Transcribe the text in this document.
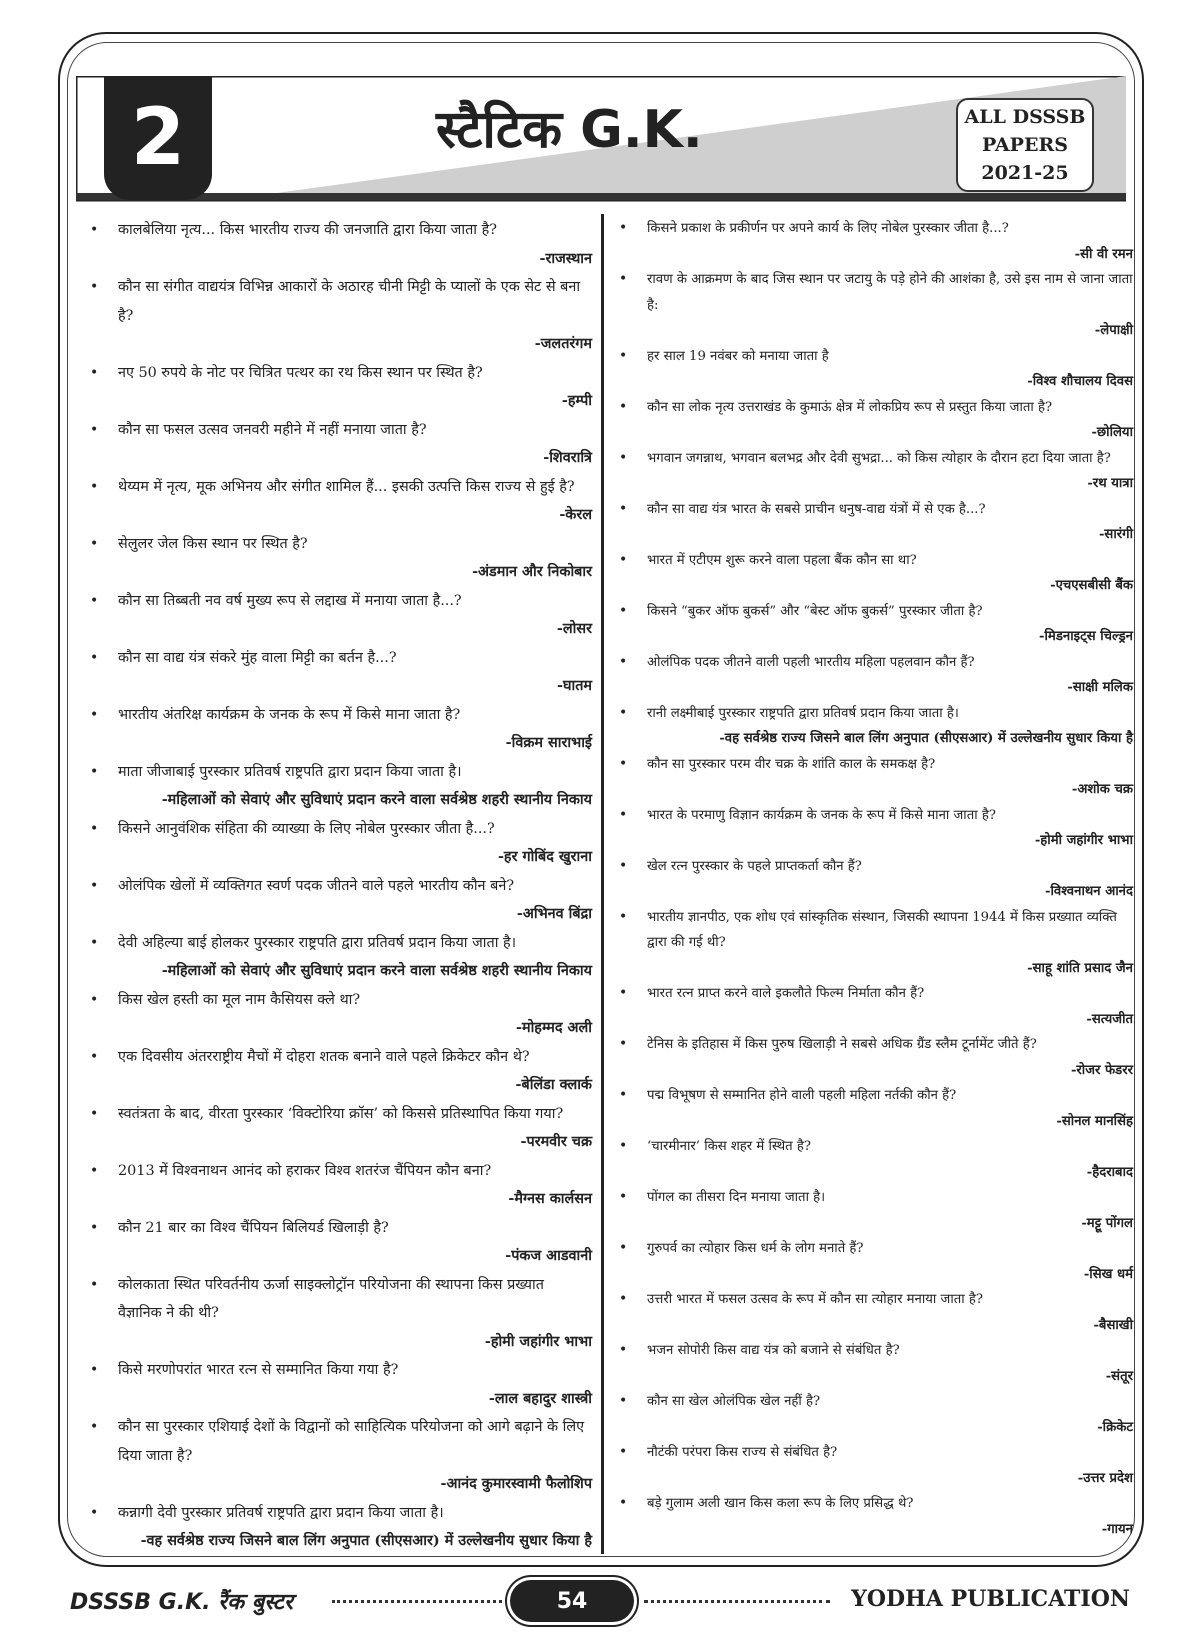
2	स्टैटिक G.K.	ALL DSSSB
PAPERS
2021-25
• कालबेलिया नृत्य... किस भारतीय राज्य की जनजाति द्वारा किया जाता है?
-राजस्थान
• कौन सा संगीत वाद्ययंत्र विभिन्न आकारों के अठारह चीनी मिट्टी के प्यालों के एक सेट से बना है?
-जलतरंगम
• नए 50 रुपये के नोट पर चित्रित पत्थर का रथ किस स्थान पर स्थित है?
-हम्पी
• कौन सा फसल उत्सव जनवरी महीने में नहीं मनाया जाता है?
-शिवरात्रि
• थेय्यम में नृत्य, मूक अभिनय और संगीत शामिल हैं... इसकी उत्पत्ति किस राज्य से हुई है?
-केरल
• सेलुलर जेल किस स्थान पर स्थित है?
-अंडमान और निकोबार
• कौन सा तिब्बती नव वर्ष मुख्य रूप से लद्दाख में मनाया जाता है...?
-लोसर
• कौन सा वाद्य यंत्र संकरे मुंह वाला मिट्टी का बर्तन है...?
-घातम
• भारतीय अंतरिक्ष कार्यक्रम के जनक के रूप में किसे माना जाता है?
-विक्रम साराभाई
• माता जीजाबाई पुरस्कार प्रतिवर्ष राष्ट्रपति द्वारा प्रदान किया जाता है।
-महिलाओं को सेवाएं और सुविधाएं प्रदान करने वाला सर्वश्रेष्ठ शहरी स्थानीय निकाय
• किसने आनुवंशिक संहिता की व्याख्या के लिए नोबेल पुरस्कार जीता है...?
-हर गोबिंद खुराना
• ओलंपिक खेलों में व्यक्तिगत स्वर्ण पदक जीतने वाले पहले भारतीय कौन बने?
-अभिनव बिंद्रा
• देवी अहिल्या बाई होलकर पुरस्कार राष्ट्रपति द्वारा प्रतिवर्ष प्रदान किया जाता है।
-महिलाओं को सेवाएं और सुविधाएं प्रदान करने वाला सर्वश्रेष्ठ शहरी स्थानीय निकाय
• किस खेल हस्ती का मूल नाम कैसियस क्ले था?
-मोहम्मद अली
• एक दिवसीय अंतरराष्ट्रीय मैचों में दोहरा शतक बनाने वाले पहले क्रिकेटर कौन थे?
-बेलिंडा क्लार्क
• स्वतंत्रता के बाद, वीरता पुरस्कार ‘विक्टोरिया क्रॉस’ को किससे प्रतिस्थापित किया गया?
-परमवीर चक्र
• 2013 में विश्वनाथन आनंद को हराकर विश्व शतरंज चैंपियन कौन बना?
-मैग्नस कार्लसन
• कौन 21 बार का विश्व चैंपियन बिलियर्ड खिलाड़ी है?
-पंकज आडवानी
• कोलकाता स्थित परिवर्तनीय ऊर्जा साइक्लोट्रॉन परियोजना की स्थापना किस प्रख्यात वैज्ञानिक ने की थी?
-होमी जहांगीर भाभा
• किसे मरणोपरांत भारत रत्न से सम्मानित किया गया है?
-लाल बहादुर शास्त्री
• कौन सा पुरस्कार एशियाई देशों के विद्वानों को साहित्यिक परियोजना को आगे बढ़ाने के लिए दिया जाता है?
-आनंद कुमारस्वामी फैलोशिप
• कन्नागी देवी पुरस्कार प्रतिवर्ष राष्ट्रपति द्वारा प्रदान किया जाता है।
-वह सर्वश्रेष्ठ राज्य जिसने बाल लिंग अनुपात (सीएसआर) में उल्लेखनीय सुधार किया है
• किसने प्रकाश के प्रकीर्णन पर अपने कार्य के लिए नोबेल पुरस्कार जीता है...?
-सी वी रमन
• रावण के आक्रमण के बाद जिस स्थान पर जटायु के पड़े होने की आशंका है, उसे इस नाम से जाना जाता है:
-लेपाक्षी
• हर साल 19 नवंबर को मनाया जाता है
-विश्व शौचालय दिवस
• कौन सा लोक नृत्य उत्तराखंड के कुमाऊं क्षेत्र में लोकप्रिय रूप से प्रस्तुत किया जाता है?
-छोलिया
• भगवान जगन्नाथ, भगवान बलभद्र और देवी सुभद्रा... को किस त्योहार के दौरान हटा दिया जाता है?
-रथ यात्रा
• कौन सा वाद्य यंत्र भारत के सबसे प्राचीन धनुष-वाद्य यंत्रों में से एक है...?
-सारंगी
• भारत में एटीएम शुरू करने वाला पहला बैंक कौन सा था?
-एचएसबीसी बैंक
• किसने “बुकर ऑफ बुकर्स” और “बेस्ट ऑफ बुकर्स” पुरस्कार जीता है?
-मिडनाइट्स चिल्ड्रन
• ओलंपिक पदक जीतने वाली पहली भारतीय महिला पहलवान कौन हैं?
-साक्षी मलिक
• रानी लक्ष्मीबाई पुरस्कार राष्ट्रपति द्वारा प्रतिवर्ष प्रदान किया जाता है।
-वह सर्वश्रेष्ठ राज्य जिसने बाल लिंग अनुपात (सीएसआर) में उल्लेखनीय सुधार किया है
• कौन सा पुरस्कार परम वीर चक्र के शांति काल के समकक्ष है?
-अशोक चक्र
• भारत के परमाणु विज्ञान कार्यक्रम के जनक के रूप में किसे माना जाता है?
-होमी जहांगीर भाभा
• खेल रत्न पुरस्कार के पहले प्राप्तकर्ता कौन हैं?
-विश्वनाथन आनंद
• भारतीय ज्ञानपीठ, एक शोध एवं सांस्कृतिक संस्थान, जिसकी स्थापना 1944 में किस प्रख्यात व्यक्ति द्वारा की गई थी?
-साहू शांति प्रसाद जैन
• भारत रत्न प्राप्त करने वाले इकलौते फिल्म निर्माता कौन हैं?
-सत्यजीत
• टेनिस के इतिहास में किस पुरुष खिलाड़ी ने सबसे अधिक ग्रैंड स्लैम टूर्नामेंट जीते हैं?
-रोजर फेडरर
• पद्म विभूषण से सम्मानित होने वाली पहली महिला नर्तकी कौन हैं?
-सोनल मानसिंह
• ‘चारमीनार’ किस शहर में स्थित है?
-हैदराबाद
• पोंगल का तीसरा दिन मनाया जाता है।
-मट्टू पोंगल
• गुरुपर्व का त्योहार किस धर्म के लोग मनाते हैं?
-सिख धर्म
• उत्तरी भारत में फसल उत्सव के रूप में कौन सा त्योहार मनाया जाता है?
-बैसाखी
• भजन सोपोरी किस वाद्य यंत्र को बजाने से संबंधित है?
-संतूर
• कौन सा खेल ओलंपिक खेल नहीं है?
-क्रिकेट
• नौटंकी परंपरा किस राज्य से संबंधित है?
-उत्तर प्रदेश
• बड़े गुलाम अली खान किस कला रूप के लिए प्रसिद्ध थे?
-गायन
DSSSB G.K. रैंक बुस्टर	54	YODHA PUBLICATION
